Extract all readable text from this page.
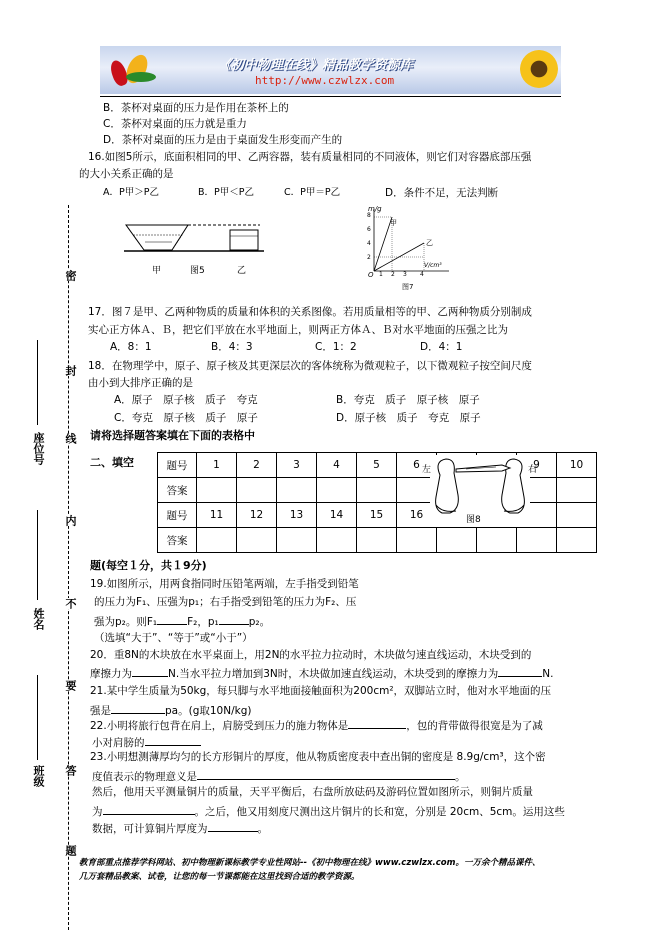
《初中物理在线》精品教学资源库
http://www.czwlzx.com
B．茶杯对桌面的压力是作用在茶杯上的
C．茶杯对桌面的压力就是重力
D．茶杯对桌面的压力是由于桌面发生形变而产生的
16.如图5所示，底面积相同的甲、乙两容器，装有质量相同的不同液体，则它们对容器底部压强
的大小关系正确的是
A．P甲＞P乙	B．P甲＜P乙	C．P甲＝P乙	D．条件不足，无法判断
甲	图5	乙
m/g
V/cm³
甲
乙
8
6
4
2
O 1 2 3 4
图7
17．图７是甲、乙两种物质的质量和体积的关系图像。若用质量相等的甲、乙两种物质分别制成
实心正方体Ａ、Ｂ，把它们平放在水平地面上，则两正方体Ａ、Ｂ对水平地面的压强之比为
A．8：1	B．4：3	C．1：2	D．4：1
18．在物理学中，原子、原子核及其更深层次的客体统称为微观粒子，以下微观粒子按空间尺度
由小到大排序正确的是
A．原子　原子核　质子　夸克	B．夸克　质子　原子核　原子
C．夸克　原子核　质子　原子	D．原子核　质子　夸克　原子
请将选择题答案填在下面的表格中
二、填空	题号	1	2	3	4	5	6			9	10
答案										
题号	11	12	13	14	15	16				
答案										
左	右
图8
题(每空１分，共１9分)
19.如图所示，用两食指同时压铅笔两端，左手指受到铅笔
的压力为F₁、压强为p₁；右手指受到铅笔的压力为F₂、压
强为p₂。则F₁	F₂，p₁	p₂。
（选填“大于”、“等于”或“小于”）
20．重8N的木块放在水平桌面上，用2N的水平拉力拉动时，木块做匀速直线运动，木块受到的
摩擦力为	N.当水平拉力增加到3N时，木块做加速直线运动，木块受到的摩擦力为	N.
21.某中学生质量为50kg，每只脚与水平地面接触面积为200cm²，双脚站立时，他对水平地面的压
强是	pa。(g取10N/kg)
22.小明将旅行包背在肩上，肩膀受到压力的施力物体是	，包的背带做得很宽是为了减
小对肩膀的
23.小明想测薄厚均匀的长方形铜片的厚度，他从物质密度表中查出铜的密度是 8.9g/cm³，这个密
度值表示的物理意义是	。
然后，他用天平测量铜片的质量，天平平衡后，右盘所放砝码及游码位置如图所示，则铜片质量
为	。之后，他又用刻度尺测出这片铜片的长和宽，分别是 20cm、5cm。运用这些
数据，可计算铜片厚度为	。
教育部重点推荐学科网站、初中物理新课标教学专业性网站--《初中物理在线》www.czwlzx.com。一万余个精品课件、
几万套精品教案、试卷，让您的每一节课都能在这里找到合适的教学资源。
密
封
线
内
不
要
答
题
座位号
姓名
班级
